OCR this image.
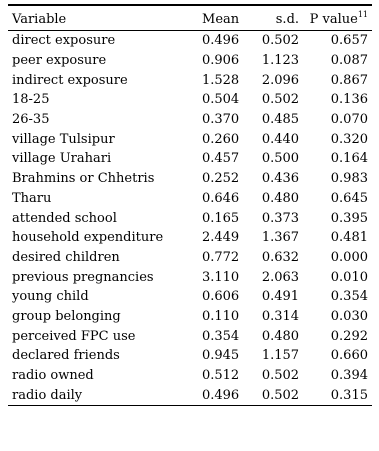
Variable	Mean	s.d.	P value$^{11}$
direct exposure	0.496	0.502	0.657
peer exposure	0.906	1.123	0.087
indirect exposure	1.528	2.096	0.867
18-25	0.504	0.502	0.136
26-35	0.370	0.485	0.070
village Tulsipur	0.260	0.440	0.320
village Urahari	0.457	0.500	0.164
Brahmins or Chhetris	0.252	0.436	0.983
Tharu	0.646	0.480	0.645
attended school	0.165	0.373	0.395
household expenditure	2.449	1.367	0.481
desired children	0.772	0.632	0.000
previous pregnancies	3.110	2.063	0.010
young child	0.606	0.491	0.354
group belonging	0.110	0.314	0.030
perceived FPC use	0.354	0.480	0.292
declared friends	0.945	1.157	0.660
radio owned	0.512	0.502	0.394
radio daily	0.496	0.502	0.315
